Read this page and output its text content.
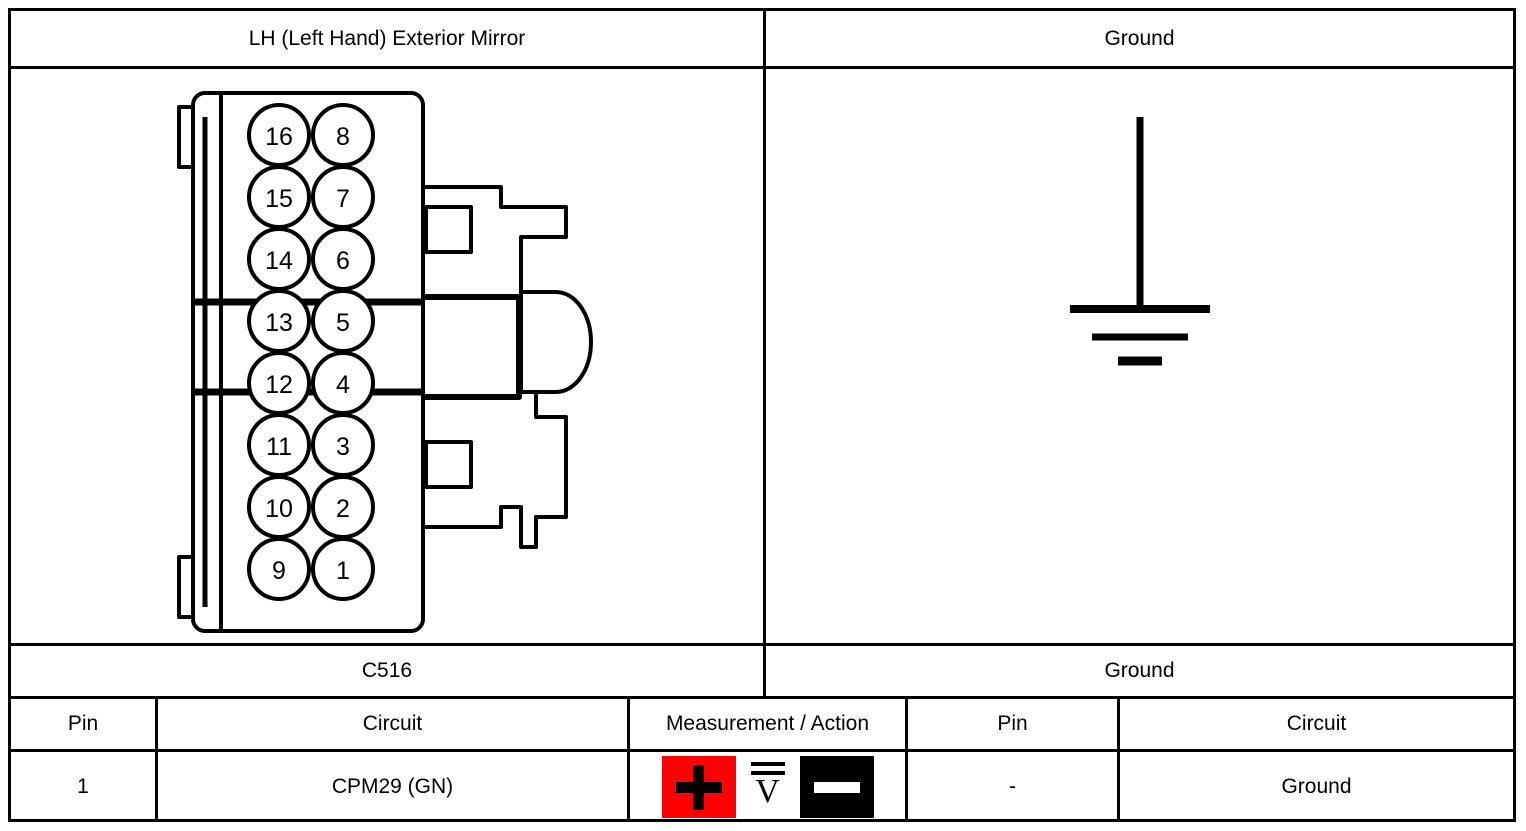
LH (Left Hand) Exterior Mirror	Ground
16
15
14
13
12
11
10
9
8
7
6
5
4
3
2
1
C516	Ground
Pin	Circuit	Measurement / Action	Pin	Circuit
1	CPM29 (GN)	V	-	Ground
